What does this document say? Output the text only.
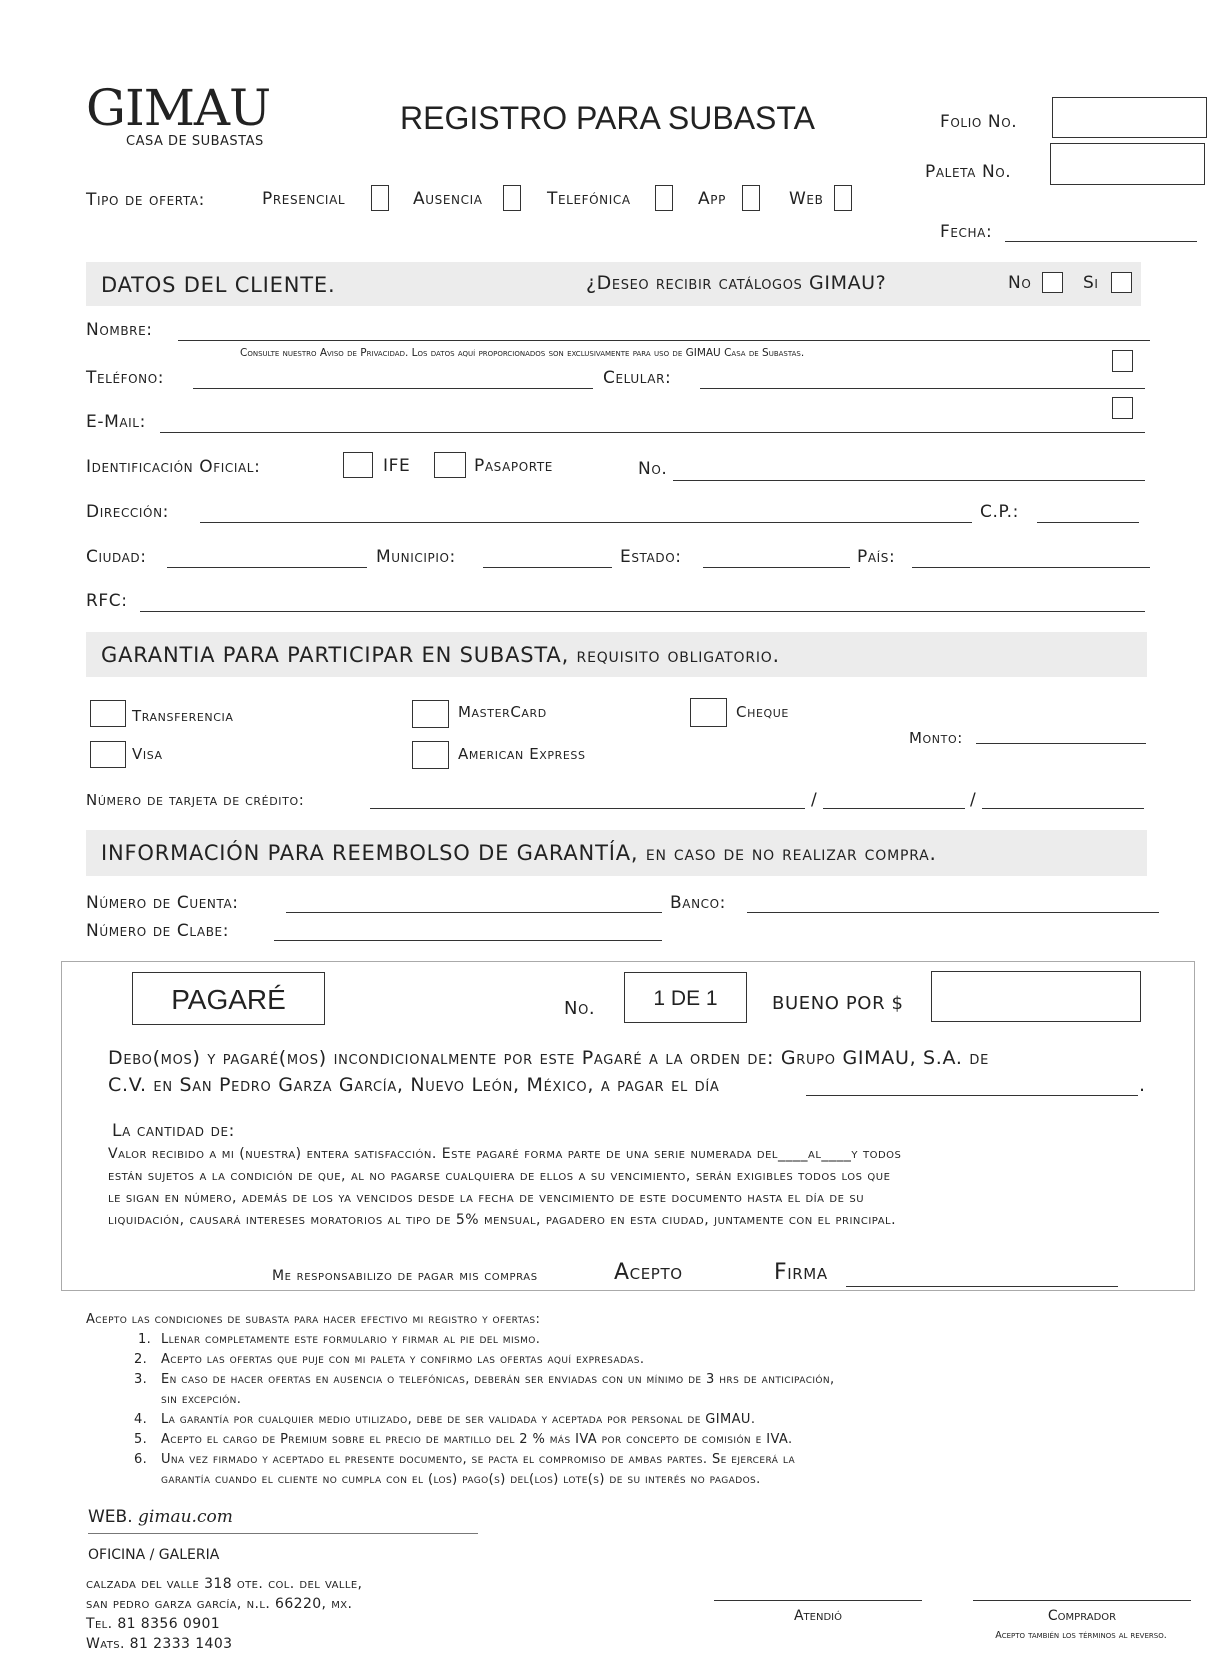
GIMAU
CASA DE SUBASTAS
REGISTRO PARA SUBASTA	Folio No.
Paleta No.
Fecha:
Tipo de oferta:	Presencial	Ausencia	Telefónica	App	Web
DATOS DEL CLIENTE.	¿Deseo recibir catálogos GIMAU?	No	Si
Nombre:
Consulte nuestro Aviso de Privacidad. Los datos aquí proporcionados son exclusivamente para uso de GIMAU Casa de Subastas.
Teléfono:	Celular:
E-Mail:
Identificación Oficial:	IFE	Pasaporte	No.
Dirección:	C.P.:
Ciudad:	Municipio:	Estado:	País:
RFC:
GARANTIA PARA PARTICIPAR EN SUBASTA, requisito obligatorio.
Transferencia
Visa
MasterCard
American Express
Cheque
Monto:
Número de tarjeta de crédito:	/	/
INFORMACIÓN PARA REEMBOLSO DE GARANTÍA, en caso de no realizar compra.
Número de Cuenta:	Banco:
Número de Clabe:
PAGARÉ	No.	1 DE 1	BUENO POR $
Debo(mos) y pagaré(mos) incondicionalmente por este Pagaré a la orden de: Grupo GIMAU, S.A. de
C.V. en San Pedro Garza García, Nuevo León, México, a pagar el día	.
La cantidad de:
Valor recibido a mi (nuestra) entera satisfacción. Este pagaré forma parte de una serie numerada del____al____y todos
están sujetos a la condición de que, al no pagarse cualquiera de ellos a su vencimiento, serán exigibles todos los que
le sigan en número, además de los ya vencidos desde la fecha de vencimiento de este documento hasta el día de su
liquidación, causará intereses moratorios al tipo de 5% mensual, pagadero en esta ciudad, juntamente con el principal.
Me responsabilizo de pagar mis compras	Acepto	Firma
Acepto las condiciones de subasta para hacer efectivo mi registro y ofertas:
1. Llenar completamente este formulario y firmar al pie del mismo.
2. Acepto las ofertas que puje con mi paleta y confirmo las ofertas aquí expresadas.
3. En caso de hacer ofertas en ausencia o telefónicas, deberán ser enviadas con un mínimo de 3 hrs de anticipación,
sin excepción.
4. La garantía por cualquier medio utilizado, debe de ser validada y aceptada por personal de GIMAU.
5. Acepto el cargo de Premium sobre el precio de martillo del 2 % más IVA por concepto de comisión e IVA.
6. Una vez firmado y aceptado el presente documento, se pacta el compromiso de ambas partes. Se ejercerá la
garantía cuando el cliente no cumpla con el (los) pago(s) del(los) lote(s) de su interés no pagados.
WEB. gimau.com
OFICINA / GALERIA
calzada del valle 318 ote. col. del valle,
san pedro garza garcía, n.l. 66220, mx.
Tel. 81 8356 0901
Wats. 81 2333 1403
Atendió	Comprador
Acepto también los términos al reverso.
